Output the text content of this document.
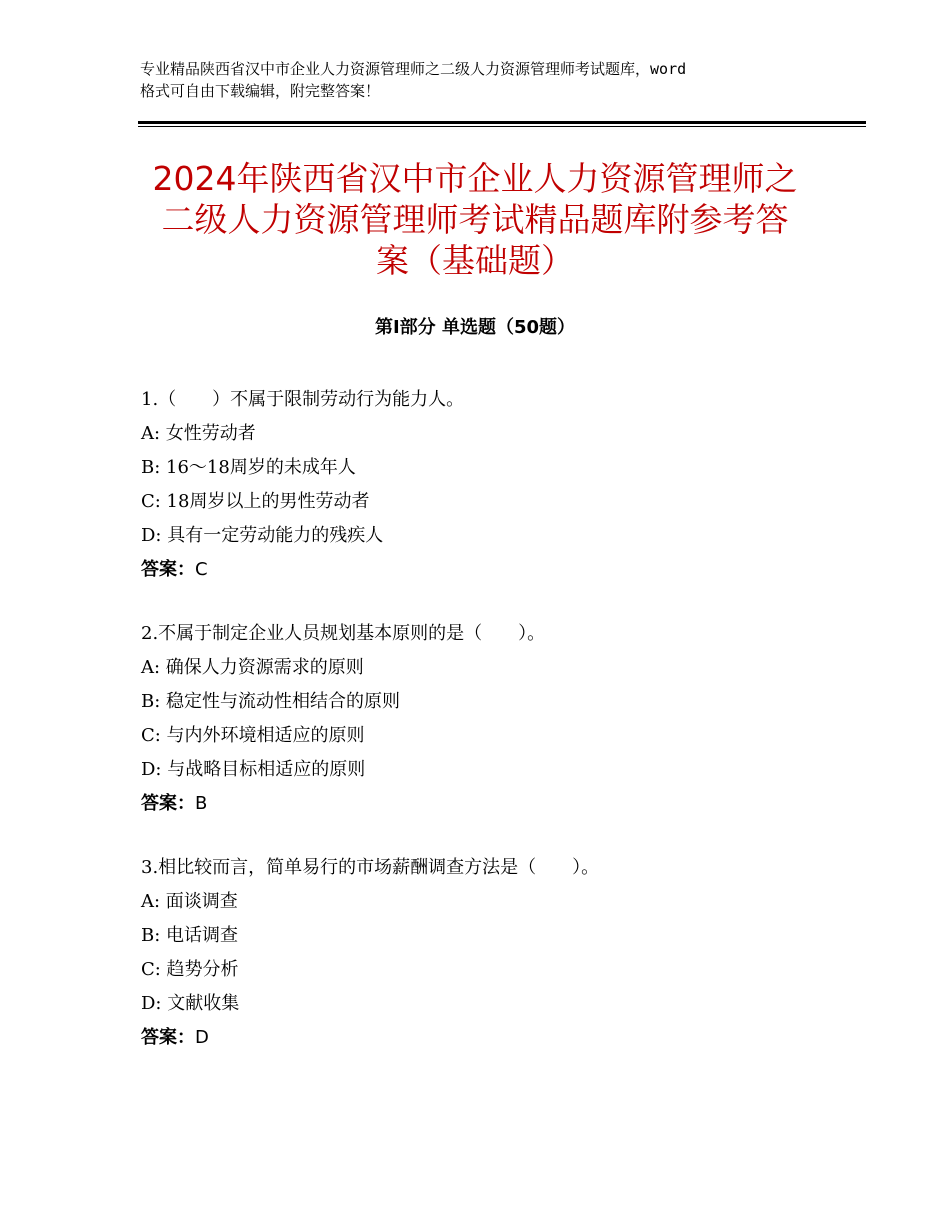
专业精品陕西省汉中市企业人力资源管理师之二级人力资源管理师考试题库，word
格式可自由下载编辑，附完整答案！
2024年陕西省汉中市企业人力资源管理师之
二级人力资源管理师考试精品题库附参考答
案（基础题）
第Ⅰ部分 单选题（50题）
1.（　　）不属于限制劳动行为能力人。
A: 女性劳动者
B: 16～18周岁的未成年人
C: 18周岁以上的男性劳动者
D: 具有一定劳动能力的残疾人
答案：C
2.不属于制定企业人员规划基本原则的是（　　）。
A: 确保人力资源需求的原则
B: 稳定性与流动性相结合的原则
C: 与内外环境相适应的原则
D: 与战略目标相适应的原则
答案：B
3.相比较而言，简单易行的市场薪酬调查方法是（　　）。
A: 面谈调查
B: 电话调查
C: 趋势分析
D: 文献收集
答案：D
